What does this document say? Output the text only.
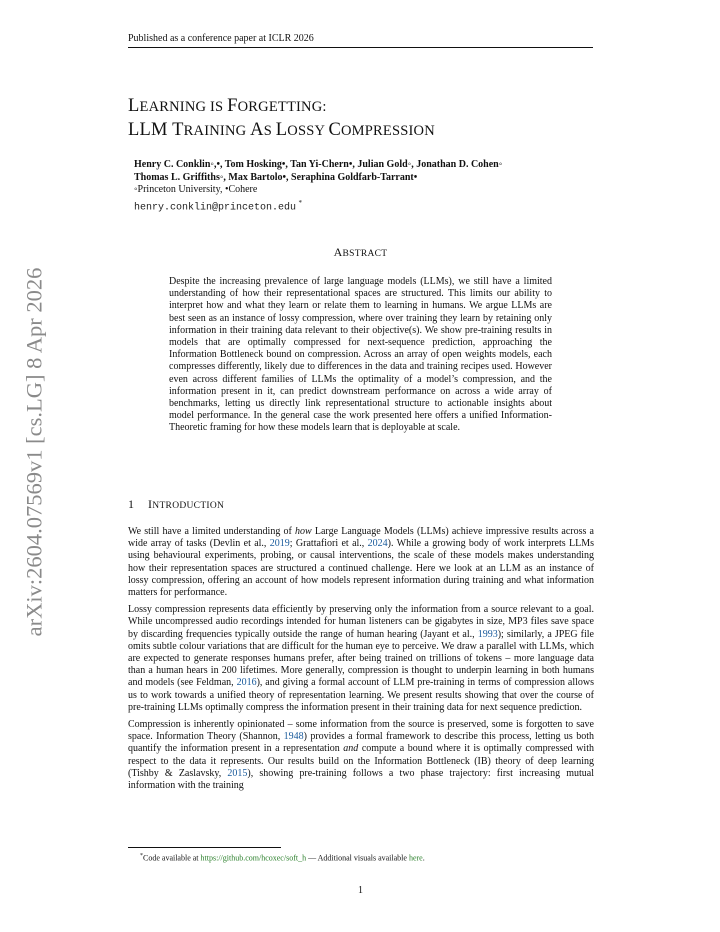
Published as a conference paper at ICLR 2026
arXiv:2604.07569v1 [cs.LG] 8 Apr 2026
LEARNING IS FORGETTING:
LLM TRAINING AS LOSSY COMPRESSION
Henry C. Conklin◦,•, Tom Hosking•, Tan Yi-Chern•, Julian Gold◦, Jonathan D. Cohen◦
Thomas L. Griffiths◦, Max Bartolo•, Seraphina Goldfarb-Tarrant•
◦Princeton University, •Cohere
henry.conklin@princeton.edu *
ABSTRACT
Despite the increasing prevalence of large language models (LLMs), we still have a limited understanding of how their representational spaces are structured. This limits our ability to interpret how and what they learn or relate them to learning in humans. We argue LLMs are best seen as an instance of lossy compression, where over training they learn by retaining only information in their training data relevant to their objective(s). We show pre-training results in models that are optimally compressed for next-sequence prediction, approaching the Information Bottleneck bound on compression. Across an array of open weights models, each compresses differently, likely due to differences in the data and training recipes used. However even across different families of LLMs the optimality of a model’s compression, and the information present in it, can predict downstream performance on across a wide array of benchmarks, letting us directly link representational structure to actionable insights about model performance. In the general case the work presented here offers a unified Information-Theoretic framing for how these models learn that is deployable at scale.
1 INTRODUCTION

We still have a limited understanding of how Large Language Models (LLMs) achieve impressive results across a wide array of tasks (Devlin et al., 2019; Grattafiori et al., 2024). While a growing body of work interprets LLMs using behavioural experiments, probing, or causal interventions, the scale of these models makes understanding how their representation spaces are structured a continued challenge. Here we look at an LLM as an instance of lossy compression, offering an account of how models represent information during training and what information matters for performance.

Lossy compression represents data efficiently by preserving only the information from a source relevant to a goal. While uncompressed audio recordings intended for human listeners can be gigabytes in size, MP3 files save space by discarding frequencies typically outside the range of human hearing (Jayant et al., 1993); similarly, a JPEG file omits subtle colour variations that are difficult for the human eye to perceive. We draw a parallel with LLMs, which are expected to generate responses humans prefer, after being trained on trillions of tokens – more language data than a human hears in 200 lifetimes. More generally, compression is thought to underpin learning in both humans and models (see Feldman, 2016), and giving a formal account of LLM pre-training in terms of compression allows us to work towards a unified theory of representation learning. We present results showing that over the course of pre-training LLMs optimally compress the information present in their training data for next sequence prediction.

Compression is inherently opinionated – some information from the source is preserved, some is forgotten to save space. Information Theory (Shannon, 1948) provides a formal framework to describe this process, letting us both quantify the information present in a representation and compute a bound where it is optimally compressed with respect to the data it represents. Our results build on the Information Bottleneck (IB) theory of deep learning (Tishby & Zaslavsky, 2015), showing pre-training follows a two phase trajectory: first increasing mutual information with the training

*Code available at https://github.com/hcoxec/soft_h — Additional visuals available here.
1
